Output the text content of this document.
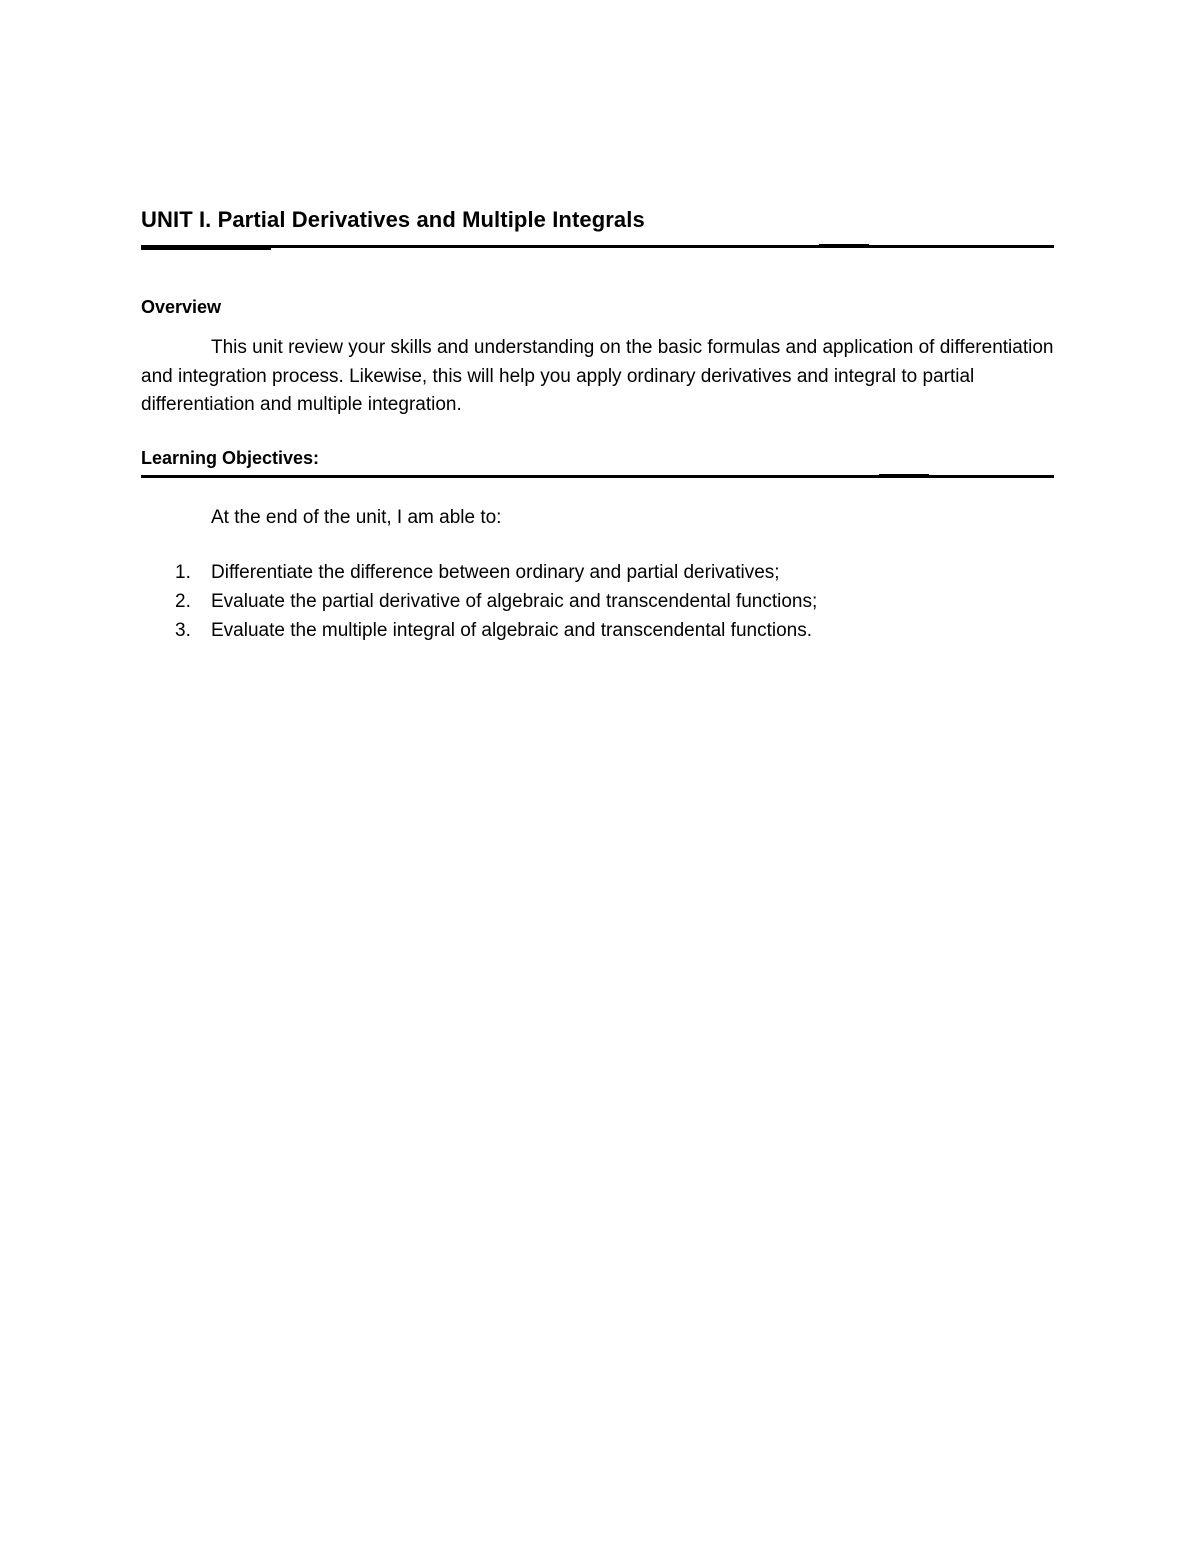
UNIT I. Partial Derivatives and Multiple Integrals
Overview

This unit review your skills and understanding on the basic formulas and application of differentiation and integration process. Likewise, this will help you apply ordinary derivatives and integral to partial differentiation and multiple integration.

Learning Objectives:

At the end of the unit, I am able to:

1.	Differentiate the difference between ordinary and partial derivatives;
2.	Evaluate the partial derivative of algebraic and transcendental functions;
3.	Evaluate the multiple integral of algebraic and transcendental functions.
